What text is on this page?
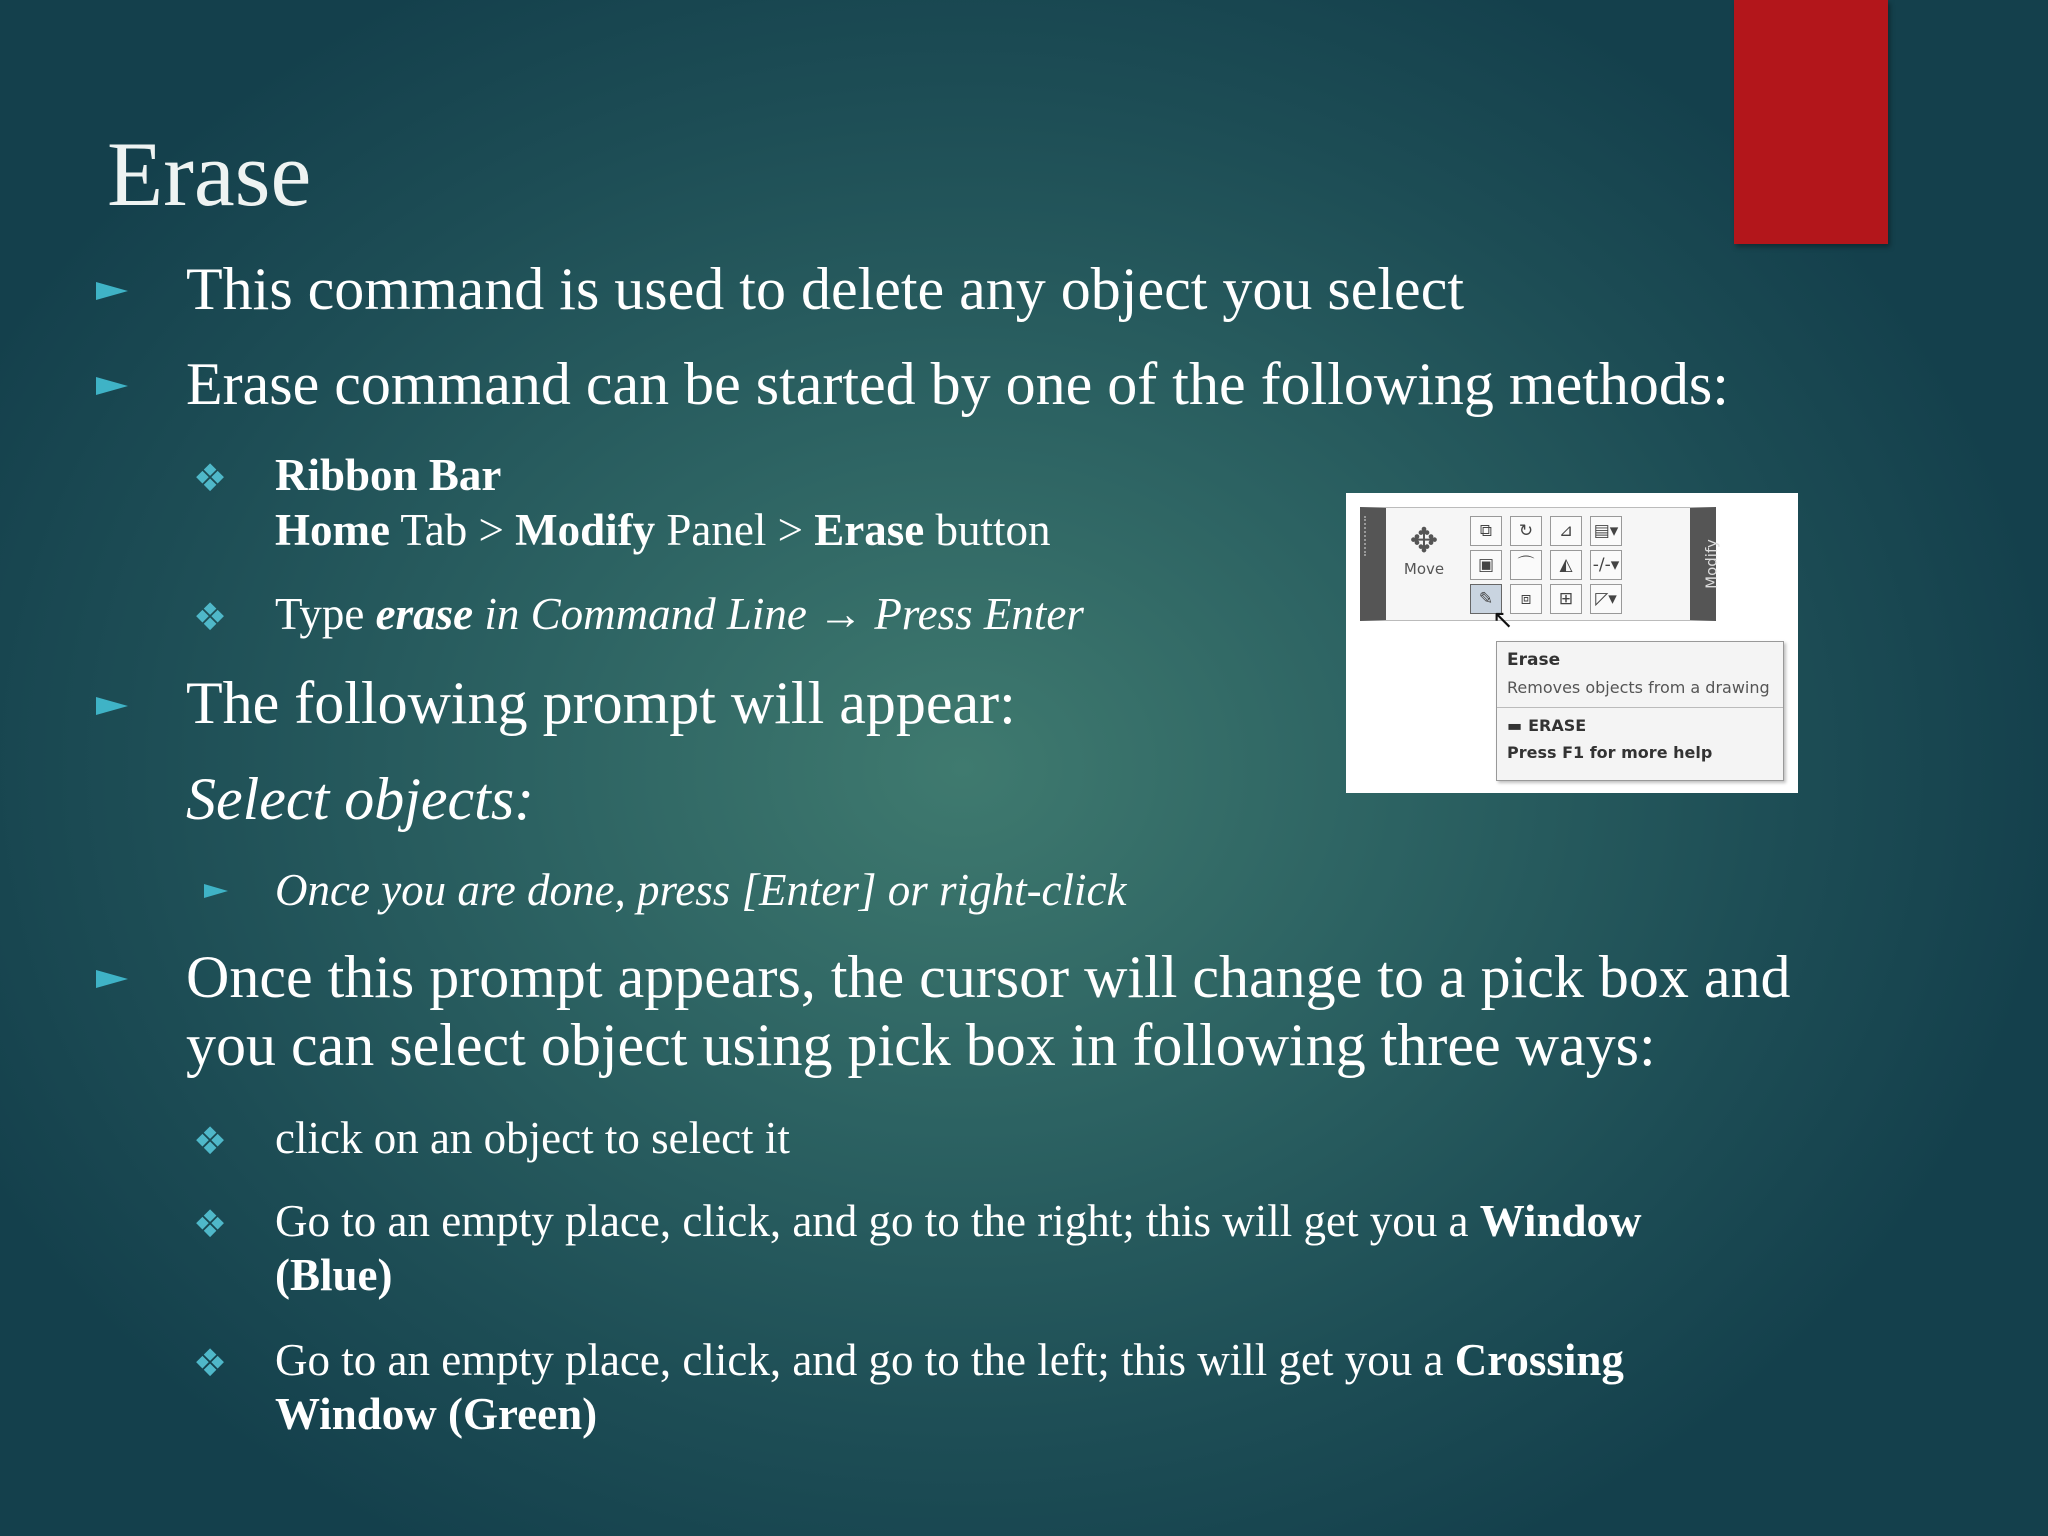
Erase
This command is used to delete any object you select
Erase command can be started by one of the following methods:
❖ Ribbon Bar
Home Tab > Modify Panel > Erase button
❖ Type erase in Command Line → Press Enter
The following prompt will appear:
Select objects:
Once you are done, press [Enter] or right-click
Once this prompt appears, the cursor will change to a pick box and
you can select object using pick box in following three ways:
❖ click on an object to select it
❖ Go to an empty place, click, and go to the right; this will get you a Window
(Blue)
❖ Go to an empty place, click, and go to the left; this will get you a Crossing
Window (Green)
✥
Move
⧉	↻	⊿	▤▾
▣	⌒	◭	-/-▾
✎	⧈	⊞	◸▾
Modify
↖
Erase
Removes objects from a drawing
▬ ERASE
Press F1 for more help
